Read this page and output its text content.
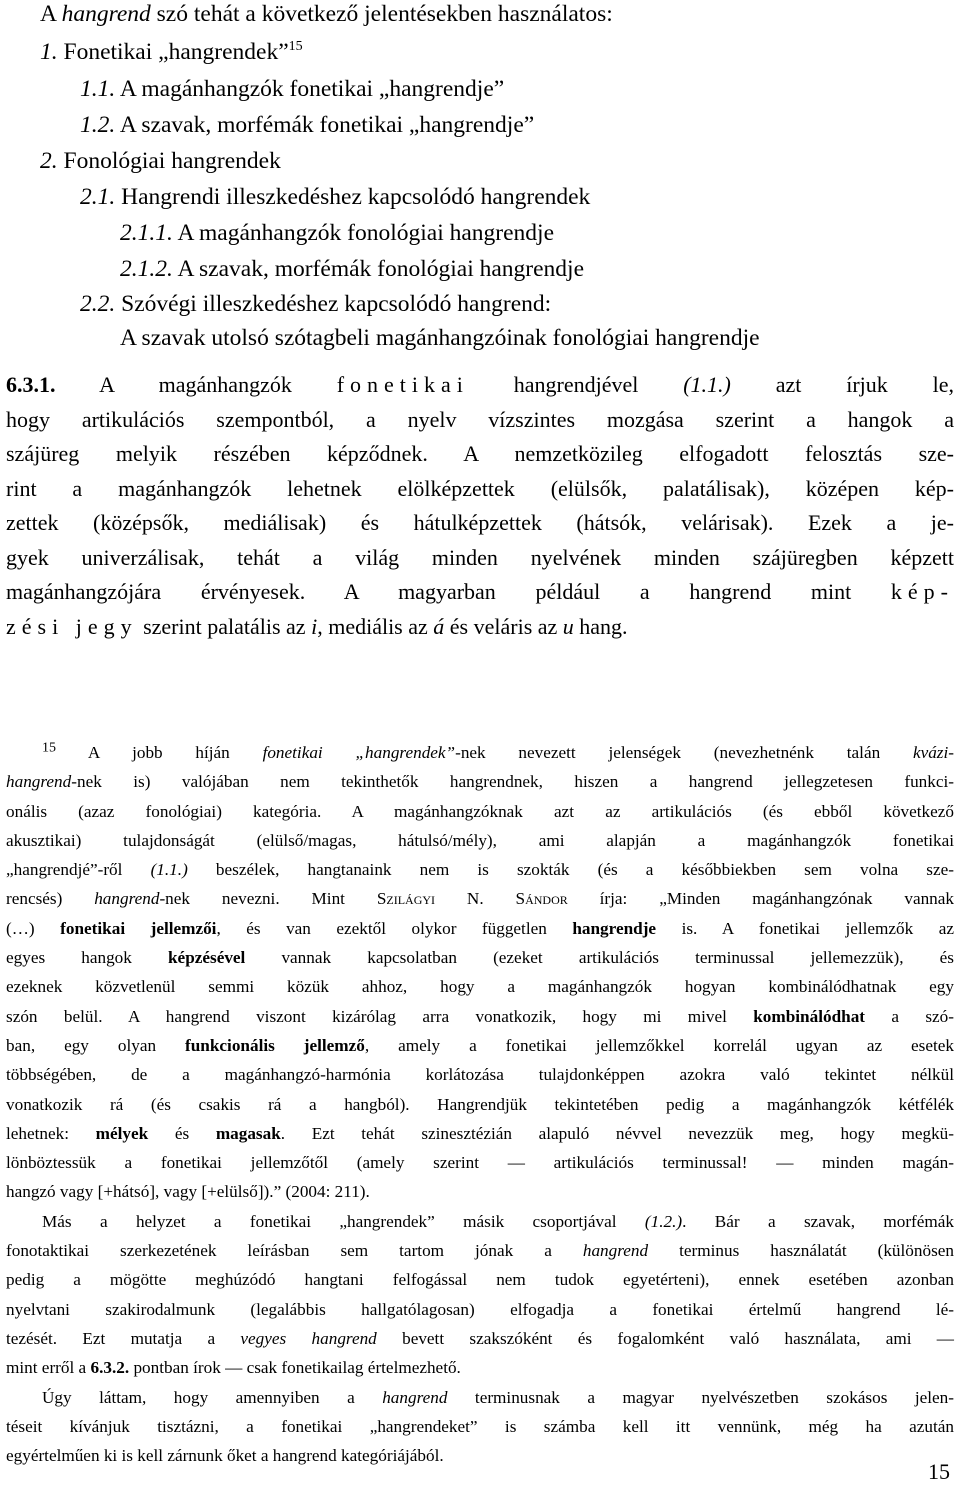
A hangrend szó tehát a következő jelentésekben használatos:
1. Fonetikai „hangrendek”$^{15}$
1.1. A magánhangzók fonetikai „hangrendje”
1.2. A szavak, morfémák fonetikai „hangrendje”
2. Fonológiai hangrendek
2.1. Hangrendi illeszkedéshez kapcsolódó hangrendek
2.1.1. A magánhangzók fonológiai hangrendje
2.1.2. A szavak, morfémák fonológiai hangrendje
2.2. Szóvégi illeszkedéshez kapcsolódó hangrend:
A szavak utolsó szótagbeli magánhangzóinak fonológiai hangrendje
6.3.1. A magánhangzók fonetikai hangrendjével (1.1.) azt írjuk le,
hogy artikulációs szempontból, a nyelv vízszintes mozgása szerint a hangok a
szájüreg melyik részében képződnek. A nemzetközileg elfogadott felosztás sze-
rint a magánhangzók lehetnek elölképzettek (elülsők, palatálisak), középen kép-
zettek (középsők, mediálisak) és hátulképzettek (hátsók, velárisak). Ezek a je-
gyek univerzálisak, tehát a világ minden nyelvének minden szájüregben képzett
magánhangzójára érvényesek. A magyarban például a hangrend mint kép-
zési jegy szerint palatális az i, mediális az á és veláris az u hang.
$^{15}$ A jobb híján fonetikai „hangrendek”-nek nevezett jelenségek (nevezhetnénk talán kvázi-
hangrend-nek is) valójában nem tekinthetők hangrendnek, hiszen a hangrend jellegzetesen funkci-
onális (azaz fonológiai) kategória. A magánhangzóknak azt az artikulációs (és ebből következő
akusztikai) tulajdonságát (elülső/magas, hátulsó/mély), ami alapján a magánhangzók fonetikai
„hangrendjé”-ről (1.1.) beszélek, hangtanaink nem is szokták (és a későbbiekben sem volna sze-
rencsés) hangrend-nek nevezni. Mint Szilágyi N. Sándor írja: „Minden magánhangzónak vannak
(…) fonetikai jellemzői, és van ezektől olykor független hangrendje is. A fonetikai jellemzők az
egyes hangok képzésével vannak kapcsolatban (ezeket artikulációs terminussal jellemezzük), és
ezeknek közvetlenül semmi közük ahhoz, hogy a magánhangzók hogyan kombinálódhatnak egy
szón belül. A hangrend viszont kizárólag arra vonatkozik, hogy mi mivel kombinálódhat a szó-
ban, egy olyan funkcionális jellemző, amely a fonetikai jellemzőkkel korrelál ugyan az esetek
többségében, de a magánhangzó-harmónia korlátozása tulajdonképpen azokra való tekintet nélkül
vonatkozik rá (és csakis rá a hangból). Hangrendjük tekintetében pedig a magánhangzók kétfélék
lehetnek: mélyek és magasak. Ezt tehát szinesztézián alapuló névvel nevezzük meg, hogy megkü-
lönböztessük a fonetikai jellemzőtől (amely szerint — artikulációs terminussal! — minden magán-
hangzó vagy [+hátsó], vagy [+elülső]).” (2004: 211).
Más a helyzet a fonetikai „hangrendek” másik csoportjával (1.2.). Bár a szavak, morfémák
fonotaktikai szerkezetének leírásban sem tartom jónak a hangrend terminus használatát (különösen
pedig a mögötte meghúzódó hangtani felfogással nem tudok egyetérteni), ennek esetében azonban
nyelvtani szakirodalmunk (legalábbis hallgatólagosan) elfogadja a fonetikai értelmű hangrend lé-
tezését. Ezt mutatja a vegyes hangrend bevett szakszóként és fogalomként való használata, ami —
mint erről a 6.3.2. pontban írok — csak fonetikailag értelmezhető.
Úgy láttam, hogy amennyiben a hangrend terminusnak a magyar nyelvészetben szokásos jelen-
téseit kívánjuk tisztázni, a fonetikai „hangrendeket” is számba kell itt vennünk, még ha azután
egyértelműen ki is kell zárnunk őket a hangrend kategóriájából.
15
